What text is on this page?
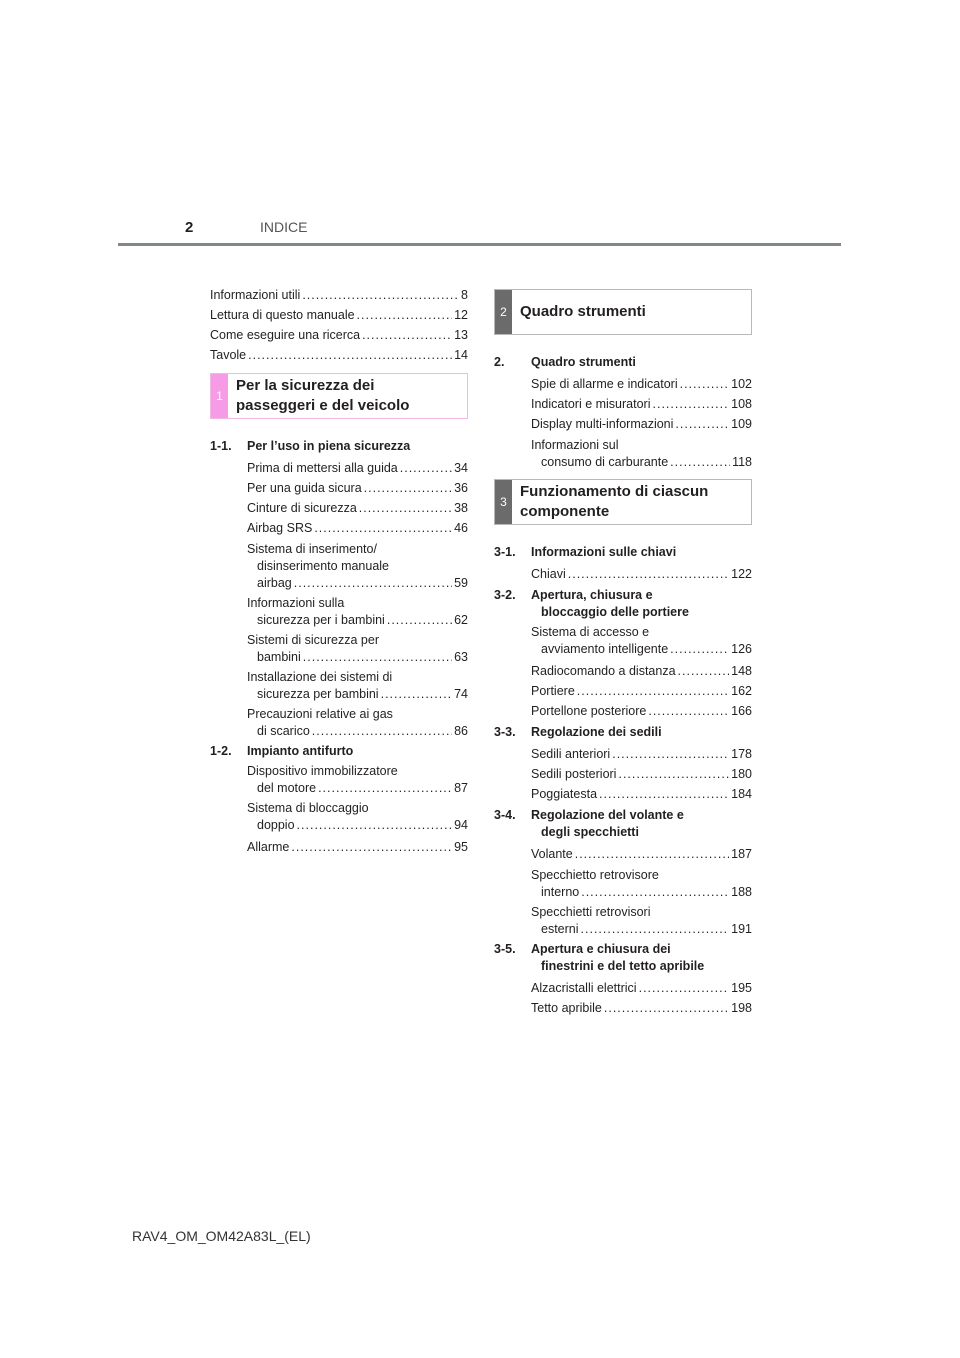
2	INDICE
Informazioni utili .....	8
Lettura di questo manuale .....	12
Come eseguire una ricerca .....	13
Tavole .....	14
1
Per la sicurezza dei
passeggeri e del veicolo
1-1.	Per l’uso in piena sicurezza
Prima di mettersi alla guida .....	34
Per una guida sicura .....	36
Cinture di sicurezza .....	38
Airbag SRS .....	46
Sistema di inserimento/
disinserimento manuale
airbag .....	59
Informazioni sulla
sicurezza per i bambini .....	62
Sistemi di sicurezza per
bambini .....	63
Installazione dei sistemi di
sicurezza per bambini .....	74
Precauzioni relative ai gas
di scarico .....	86
1-2.	Impianto antifurto
Dispositivo immobilizzatore
del motore .....	87
Sistema di bloccaggio
doppio .....	94
Allarme .....	95
2 Quadro strumenti
2.	Quadro strumenti
Spie di allarme e indicatori .....	102
Indicatori e misuratori .....	108
Display multi-informazioni .....	109
Informazioni sul
consumo di carburante .....	118
3
Funzionamento di ciascun
componente
3-1.	Informazioni sulle chiavi
Chiavi .....	122
3-2.	Apertura, chiusura e
bloccaggio delle portiere
Sistema di accesso e
avviamento intelligente .....	126
Radiocomando a distanza .....	148
Portiere .....	162
Portellone posteriore .....	166
3-3.	Regolazione dei sedili
Sedili anteriori .....	178
Sedili posteriori .....	180
Poggiatesta .....	184
3-4.	Regolazione del volante e
degli specchietti
Volante .....	187
Specchietto retrovisore
interno .....	188
Specchietti retrovisori
esterni .....	191
3-5.	Apertura e chiusura dei
finestrini e del tetto apribile
Alzacristalli elettrici .....	195
Tetto apribile .....	198
RAV4_OM_OM42A83L_(EL)
